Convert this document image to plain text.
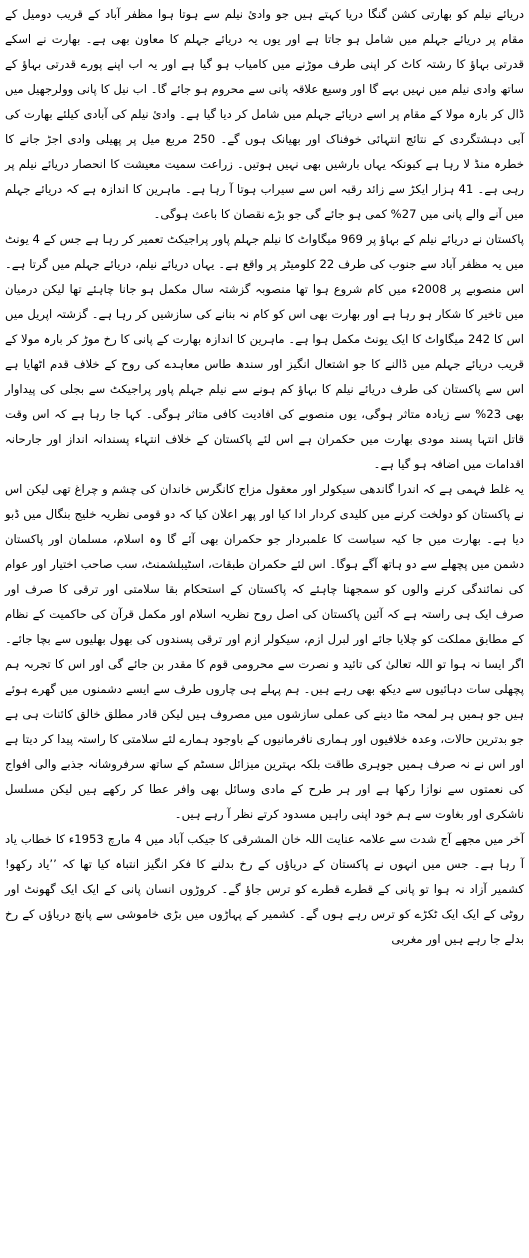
دریائے نیلم کو بھارتی کشن گنگا دریا کہتے ہیں جو وادئ نیلم سے ہوتا ہوا مظفر آباد کے قریب دومیل کے مقام پر دریائے جہلم میں شامل ہو جاتا ہے اور یوں یہ دریائے جہلم کا معاون بھی ہے۔ بھارت نے اسکے قدرتی بہاؤ کا رشتہ کاٹ کر اپنی طرف موڑنے میں کامیاب ہو گیا ہے اور یہ اب اپنے پورے قدرتی بہاؤ کے ساتھ وادی نیلم میں نہیں بہے گا اور وسیع علاقہ پانی سے محروم ہو جائے گا۔ اب نیل کا پانی وولرجھیل میں ڈال کر بارہ مولا کے مقام پر اسے دریائے جہلم میں شامل کر دیا گیا ہے۔ وادئ نیلم کی آبادی کیلئے بھارت کی آبی دہشتگردی کے نتائج انتہائی خوفناک اور بھیانک ہوں گے۔ 250 مربع میل پر پھیلی وادی اجڑ جانے کا خطرہ منڈ لا رہا ہے کیونکہ یہاں بارشیں بھی نہیں ہوتیں۔ زراعت سمیت معیشت کا انحصار دریائے نیلم پر رہی ہے۔ 41 ہزار ایکڑ سے زائد رقبہ اس سے سیراب ہوتا آ رہا ہے۔ ماہرین کا اندازہ ہے کہ دریائے جہلم میں آنے والے پانی میں 27% کمی ہو جائے گی جو بڑے نقصان کا باعث ہوگی۔

پاکستان نے دریائے نیلم کے بہاؤ پر 969 میگاواٹ کا نیلم جہلم پاور پراجیکٹ تعمیر کر رہا ہے جس کے 4 یونٹ میں یہ مظفر آباد سے جنوب کی طرف 22 کلومیٹر پر واقع ہے۔ یہاں دریائے نیلم، دریائے جہلم میں گرتا ہے۔ اس منصوبے پر 2008ء میں کام شروع ہوا تھا منصوبہ گزشتہ سال مکمل ہو جانا چاہئے تھا لیکن درمیان میں تاخیر کا شکار ہو رہا ہے اور بھارت بھی اس کو کام نہ بنانے کی سازشیں کر رہا ہے۔ گزشتہ اپریل میں اس کا 242 میگاواٹ کا ایک یونٹ مکمل ہوا ہے۔ ماہرین کا اندازہ بھارت کے پانی کا رخ موڑ کر بارہ مولا کے قریب دریائے جہلم میں ڈالنے کا جو اشتعال انگیز اور سندھ طاس معاہدے کی روح کے خلاف قدم اٹھایا ہے اس سے پاکستان کی طرف دریائے نیلم کا بہاؤ کم ہونے سے نیلم جہلم پاور پراجیکٹ سے بجلی کی پیداوار بھی 23% سے زیادہ متاثر ہوگی، یوں منصوبے کی افادیت کافی متاثر ہوگی۔ کہا جا رہا ہے کہ اس وقت قاتل انتہا پسند مودی بھارت میں حکمران ہے اس لئے پاکستان کے خلاف انتہاء پسندانہ انداز اور جارحانہ اقدامات میں اضافہ ہو گیا ہے۔

یہ غلط فہمی ہے کہ اندرا گاندھی سیکولر اور معقول مزاج کانگرس خاندان کی چشم و چراغ تھی لیکن اس نے پاکستان کو دولخت کرنے میں کلیدی کردار ادا کیا اور پھر اعلان کیا کہ دو قومی نظریہ خلیج بنگال میں ڈبو دیا ہے۔ بھارت میں جا کیہ سیاست کا علمبردار جو حکمران بھی آئے گا وہ اسلام، مسلمان اور پاکستان دشمن میں پچھلے سے دو ہاتھ آگے ہوگا۔ اس لئے حکمران طبقات، اسٹیبلشمنٹ، سب صاحب اختیار اور عوام کی نمائندگی کرنے والوں کو سمجھنا چاہئے کہ پاکستان کے استحکام بقا سلامتی اور ترقی کا صرف اور صرف ایک ہی راستہ ہے کہ آئین پاکستان کی اصل روح نظریہ اسلام اور مکمل قرآن کی حاکمیت کے نظام کے مطابق مملکت کو چلایا جائے اور لبرل ازم، سیکولر ازم اور ترقی پسندوں کی بھول بھلیوں سے بچا جائے۔ اگر ایسا نہ ہوا تو اللہ تعالیٰ کی تائید و نصرت سے محرومی قوم کا مقدر بن جائے گی اور اس کا تجربہ ہم پچھلی سات دہائیوں سے دیکھ بھی رہے ہیں۔ ہم پہلے ہی چاروں طرف سے ایسے دشمنوں میں گھرے ہوئے ہیں جو ہمیں ہر لمحہ مٹا دینے کی عملی سازشوں میں مصروف ہیں لیکن قادر مطلق خالق کائنات ہی ہے جو بدترین حالات، وعدہ خلافیوں اور ہماری نافرمانیوں کے باوجود ہمارے لئے سلامتی کا راستہ پیدا کر دیتا ہے اور اس نے نہ صرف ہمیں جوہری طاقت بلکہ بہترین میزائل سسٹم کے ساتھ سرفروشانہ جذبے والی افواج کی نعمتوں سے نوازا رکھا ہے اور ہر طرح کے مادی وسائل بھی وافر عطا کر رکھے ہیں لیکن مسلسل ناشکری اور بغاوت سے ہم خود اپنی راہیں مسدود کرتے نظر آ رہے ہیں۔

آخر میں مجھے آج شدت سے علامہ عنایت اللہ خان المشرقی کا جیکب آباد میں 4 مارچ 1953ء کا خطاب یاد آ رہا ہے۔ جس میں انہوں نے پاکستان کے دریاؤں کے رخ بدلنے کا فکر انگیز انتباہ کیا تھا کہ ’’یاد رکھو! کشمیر آزاد نہ ہوا تو پانی کے قطرے قطرے کو ترس جاؤ گے۔ کروڑوں انسان پانی کے ایک ایک گھونٹ اور روٹی کے ایک ایک ٹکڑے کو ترس رہے ہوں گے۔ کشمیر کے پہاڑوں میں بڑی خاموشی سے پانچ دریاؤں کے رخ بدلے جا رہے ہیں اور مغربی
